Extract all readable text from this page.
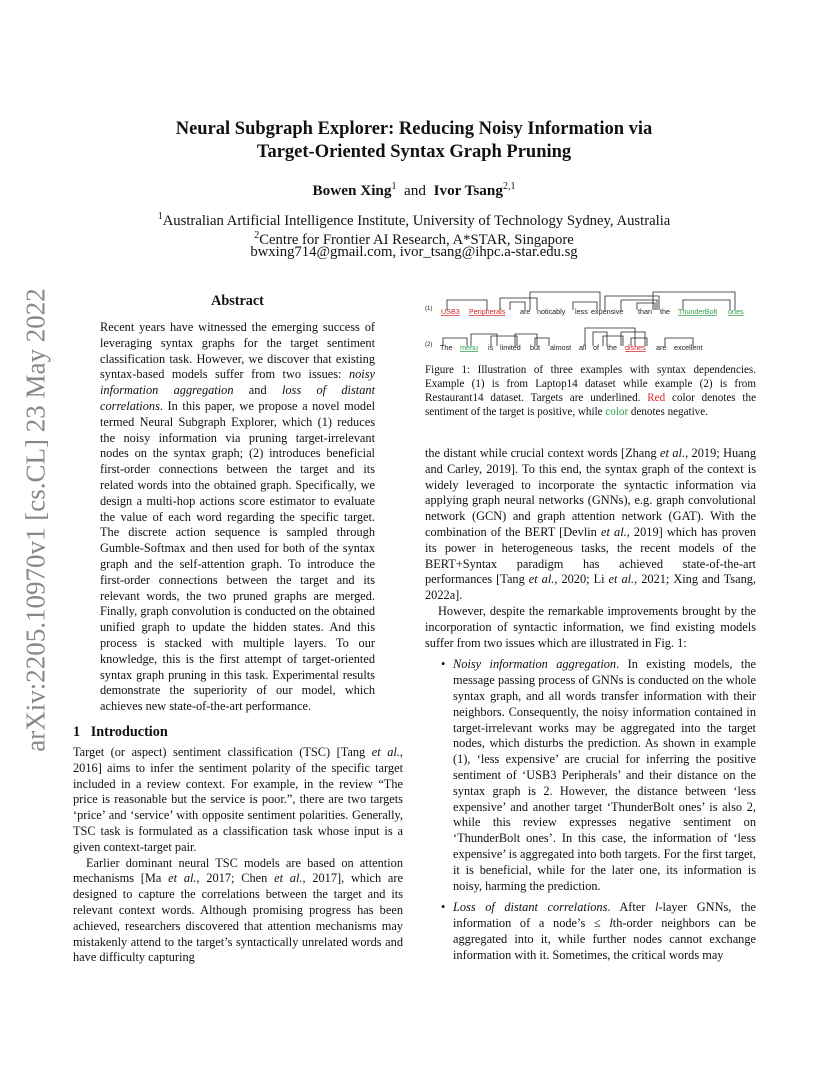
arXiv:2205.10970v1 [cs.CL] 23 May 2022
Neural Subgraph Explorer: Reducing Noisy Information via
Target-Oriented Syntax Graph Pruning
Bowen Xing$^1$ and Ivor Tsang$^{2,1}$
$^1$Australian Artificial Intelligence Institute, University of Technology Sydney, Australia
$^2$Centre for Frontier AI Research, A*STAR, Singapore
bwxing714@gmail.com, ivor_tsang@ihpc.a-star.edu.sg
Abstract
Recent years have witnessed the emerging success of leveraging syntax graphs for the target sentiment classification task. However, we discover that existing syntax-based models suffer from two issues: noisy information aggregation and loss of distant correlations. In this paper, we propose a novel model termed Neural Subgraph Explorer, which (1) reduces the noisy information via pruning target-irrelevant nodes on the syntax graph; (2) introduces beneficial first-order connections between the target and its related words into the obtained graph. Specifically, we design a multi-hop actions score estimator to evaluate the value of each word regarding the specific target. The discrete action sequence is sampled through Gumble-Softmax and then used for both of the syntax graph and the self-attention graph. To introduce the first-order connections between the target and its relevant words, the two pruned graphs are merged. Finally, graph convolution is conducted on the obtained unified graph to update the hidden states. And this process is stacked with multiple layers. To our knowledge, this is the first attempt of target-oriented syntax graph pruning in this task. Experimental results demonstrate the superiority of our model, which achieves new state-of-the-art performance.
1 Introduction

Target (or aspect) sentiment classification (TSC) [Tang et al., 2016] aims to infer the sentiment polarity of the specific target included in a review context. For example, in the review “The price is reasonable but the service is poor.”, there are two targets ‘price’ and ‘service’ with opposite sentiment polarities. Generally, TSC task is formulated as a classification task whose input is a given context-target pair.

Earlier dominant neural TSC models are based on attention mechanisms [Ma et al., 2017; Chen et al., 2017], which are designed to capture the correlations between the target and its relevant context words. Although promising progress has been achieved, researchers discovered that attention mechanisms may mistakenly attend to the target’s syntactically unrelated words and have difficulty capturing

(1) USB3 Peripherals are noticably less expensive than the ThunderBolt ones
(2) The menu is limited but almost all of the dishes are excellent
Figure 1: Illustration of three examples with syntax dependencies. Example (1) is from Laptop14 dataset while example (2) is from Restaurant14 dataset. Targets are underlined. Red color denotes the sentiment of the target is positive, while color denotes negative.

the distant while crucial context words [Zhang et al., 2019; Huang and Carley, 2019]. To this end, the syntax graph of the context is widely leveraged to incorporate the syntactic information via applying graph neural networks (GNNs), e.g. graph convolutional network (GCN) and graph attention network (GAT). With the combination of the BERT [Devlin et al., 2019] which has proven its power in heterogeneous tasks, the recent models of the BERT+Syntax paradigm has achieved state-of-the-art performances [Tang et al., 2020; Li et al., 2021; Xing and Tsang, 2022a].

However, despite the remarkable improvements brought by the incorporation of syntactic information, we find existing models suffer from two issues which are illustrated in Fig. 1:

• Noisy information aggregation. In existing models, the message passing process of GNNs is conducted on the whole syntax graph, and all words transfer information with their neighbors. Consequently, the noisy information contained in target-irrelevant works may be aggregated into the target nodes, which disturbs the prediction. As shown in example (1), ‘less expensive’ are crucial for inferring the positive sentiment of ‘USB3 Peripherals’ and their distance on the syntax graph is 2. However, the distance between ‘less expensive’ and another target ‘ThunderBolt ones’ is also 2, while this review expresses negative sentiment on ‘ThunderBolt ones’. In this case, the information of ‘less expensive’ is aggregated into both targets. For the first target, it is beneficial, while for the later one, its information is noisy, harming the prediction.
• Loss of distant correlations. After l-layer GNNs, the information of a node’s ≤ lth-order neighbors can be aggregated into it, while further nodes cannot exchange information with it. Sometimes, the critical words may
